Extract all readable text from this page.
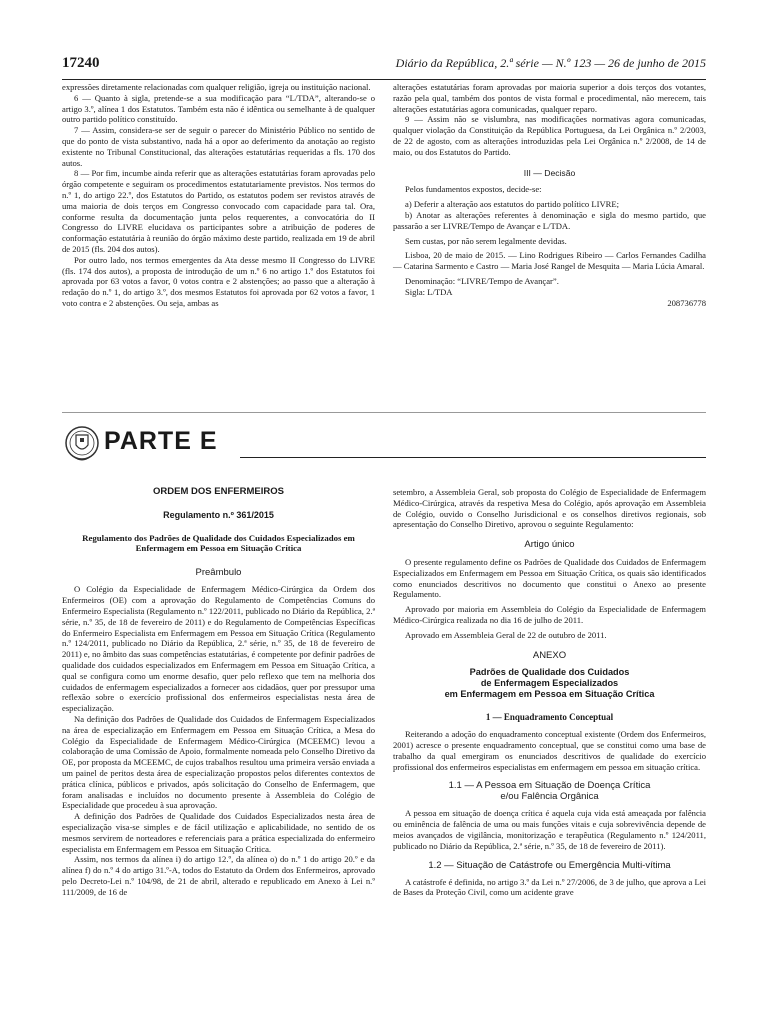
17240	Diário da República, 2.ª série — N.º 123 — 26 de junho de 2015

expressões diretamente relacionadas com qualquer religião, igreja ou instituição nacional.

6 — Quanto à sigla, pretende-se a sua modificação para “L/TDA”, alterando-se o artigo 3.º, alínea 1 dos Estatutos. Também esta não é idêntica ou semelhante à de qualquer outro partido político constituído.

7 — Assim, considera-se ser de seguir o parecer do Ministério Público no sentido de que do ponto de vista substantivo, nada há a opor ao deferimento da anotação ao registo existente no Tribunal Constitucional, das alterações estatutárias requeridas a fls. 170 dos autos.

8 — Por fim, incumbe ainda referir que as alterações estatutárias foram aprovadas pelo órgão competente e seguiram os procedimentos estatutariamente previstos. Nos termos do n.º 1, do artigo 22.º, dos Estatutos do Partido, os estatutos podem ser revistos através de uma maioria de dois terços em Congresso convocado com capacidade para tal. Ora, conforme resulta da documentação junta pelos requerentes, a convocatória do II Congresso do LIVRE elucidava os participantes sobre a atribuição de poderes de conformação estatutária à reunião do órgão máximo deste partido, realizada em 19 de abril de 2015 (fls. 204 dos autos).

Por outro lado, nos termos emergentes da Ata desse mesmo II Congresso do LIVRE (fls. 174 dos autos), a proposta de introdução de um n.º 6 no artigo 1.º dos Estatutos foi aprovada por 63 votos a favor, 0 votos contra e 2 abstenções; ao passo que a alteração à redação do n.º 1, do artigo 3.º, dos mesmos Estatutos foi aprovada por 62 votos a favor, 1 voto contra e 2 abstenções. Ou seja, ambas as

alterações estatutárias foram aprovadas por maioria superior a dois terços dos votantes, razão pela qual, também dos pontos de vista formal e procedimental, não merecem, tais alterações estatutárias agora comunicadas, qualquer reparo.

9 — Assim não se vislumbra, nas modificações normativas agora comunicadas, qualquer violação da Constituição da República Portuguesa, da Lei Orgânica n.º 2/2003, de 22 de agosto, com as alterações introduzidas pela Lei Orgânica n.º 2/2008, de 14 de maio, ou dos Estatutos do Partido.

III — Decisão

Pelos fundamentos expostos, decide-se:

a) Deferir a alteração aos estatutos do partido político LIVRE;

b) Anotar as alterações referentes à denominação e sigla do mesmo partido, que passarão a ser LIVRE/Tempo de Avançar e L/TDA.

Sem custas, por não serem legalmente devidas.

Lisboa, 20 de maio de 2015. — Lino Rodrigues Ribeiro — Carlos Fernandes Cadilha — Catarina Sarmento e Castro — Maria José Rangel de Mesquita — Maria Lúcia Amaral.

Denominação: “LIVRE/Tempo de Avançar”.

Sigla: L/TDA

208736778

PARTE E
ORDEM DOS ENFERMEIROS
Regulamento n.º 361/2015
Regulamento dos Padrões de Qualidade dos Cuidados Especializados em Enfermagem em Pessoa em Situação Crítica
Preâmbulo

O Colégio da Especialidade de Enfermagem Médico-Cirúrgica da Ordem dos Enfermeiros (OE) com a aprovação do Regulamento de Competências Comuns do Enfermeiro Especialista (Regulamento n.º 122/2011, publicado no Diário da República, 2.ª série, n.º 35, de 18 de fevereiro de 2011) e do Regulamento de Competências Específicas do Enfermeiro Especialista em Enfermagem em Pessoa em Situação Crítica (Regulamento n.º 124/2011, publicado no Diário da República, 2.ª série, n.º 35, de 18 de fevereiro de 2011) e, no âmbito das suas competências estatutárias, é competente por definir padrões de qualidade dos cuidados especializados em Enfermagem em Pessoa em Situação Crítica, a qual se configura como um enorme desafio, quer pelo reflexo que tem na melhoria dos cuidados de enfermagem especializados a fornecer aos cidadãos, quer por pressupor uma reflexão sobre o exercício profissional dos enfermeiros especialistas nesta área de especialização.

Na definição dos Padrões de Qualidade dos Cuidados de Enfermagem Especializados na área de especialização em Enfermagem em Pessoa em Situação Crítica, a Mesa do Colégio da Especialidade de Enfermagem Médico-Cirúrgica (MCEEMC) levou a colaboração de uma Comissão de Apoio, formalmente nomeada pelo Conselho Diretivo da OE, por proposta da MCEEMC, de cujos trabalhos resultou uma primeira versão enviada a um painel de peritos desta área de especialização propostos pelos diferentes contextos de prática clínica, públicos e privados, após solicitação do Conselho de Enfermagem, que foram analisadas e incluídos no documento presente à Assembleia do Colégio de Especialidade que procedeu à sua aprovação.

A definição dos Padrões de Qualidade dos Cuidados Especializados nesta área de especialização visa-se simples e de fácil utilização e aplicabilidade, no sentido de os mesmos servirem de norteadores e referenciais para a prática especializada do enfermeiro especialista em Enfermagem em Pessoa em Situação Crítica.

Assim, nos termos da alínea i) do artigo 12.º, da alínea o) do n.º 1 do artigo 20.º e da alínea f) do n.º 4 do artigo 31.º-A, todos do Estatuto da Ordem dos Enfermeiros, aprovado pelo Decreto-Lei n.º 104/98, de 21 de abril, alterado e republicado em Anexo à Lei n.º 111/2009, de 16 de

setembro, a Assembleia Geral, sob proposta do Colégio de Especialidade de Enfermagem Médico-Cirúrgica, através da respetiva Mesa do Colégio, após aprovação em Assembleia de Colégio, ouvido o Conselho Jurisdicional e os conselhos diretivos regionais, sob apresentação do Conselho Diretivo, aprovou o seguinte Regulamento:

Artigo único

O presente regulamento define os Padrões de Qualidade dos Cuidados de Enfermagem Especializados em Enfermagem em Pessoa em Situação Crítica, os quais são identificados como enunciados descritivos no documento que constitui o Anexo ao presente Regulamento.

Aprovado por maioria em Assembleia do Colégio da Especialidade de Enfermagem Médico-Cirúrgica realizada no dia 16 de julho de 2011.

Aprovado em Assembleia Geral de 22 de outubro de 2011.

ANEXO
Padrões de Qualidade dos Cuidados
de Enfermagem Especializados
em Enfermagem em Pessoa em Situação Crítica
1 — Enquadramento Conceptual

Reiterando a adoção do enquadramento conceptual existente (Ordem dos Enfermeiros, 2001) acresce o presente enquadramento conceptual, que se constitui como uma base de trabalho da qual emergiram os enunciados descritivos de qualidade do exercício profissional dos enfermeiros especialistas em enfermagem em pessoa em situação crítica.

1.1 — A Pessoa em Situação de Doença Crítica
e/ou Falência Orgânica

A pessoa em situação de doença crítica é aquela cuja vida está ameaçada por falência ou eminência de falência de uma ou mais funções vitais e cuja sobrevivência depende de meios avançados de vigilância, monitorização e terapêutica (Regulamento n.º 124/2011, publicado no Diário da República, 2.ª série, n.º 35, de 18 de fevereiro de 2011).

1.2 — Situação de Catástrofe ou Emergência Multi-vítima

A catástrofe é definida, no artigo 3.º da Lei n.º 27/2006, de 3 de julho, que aprova a Lei de Bases da Proteção Civil, como um acidente grave
